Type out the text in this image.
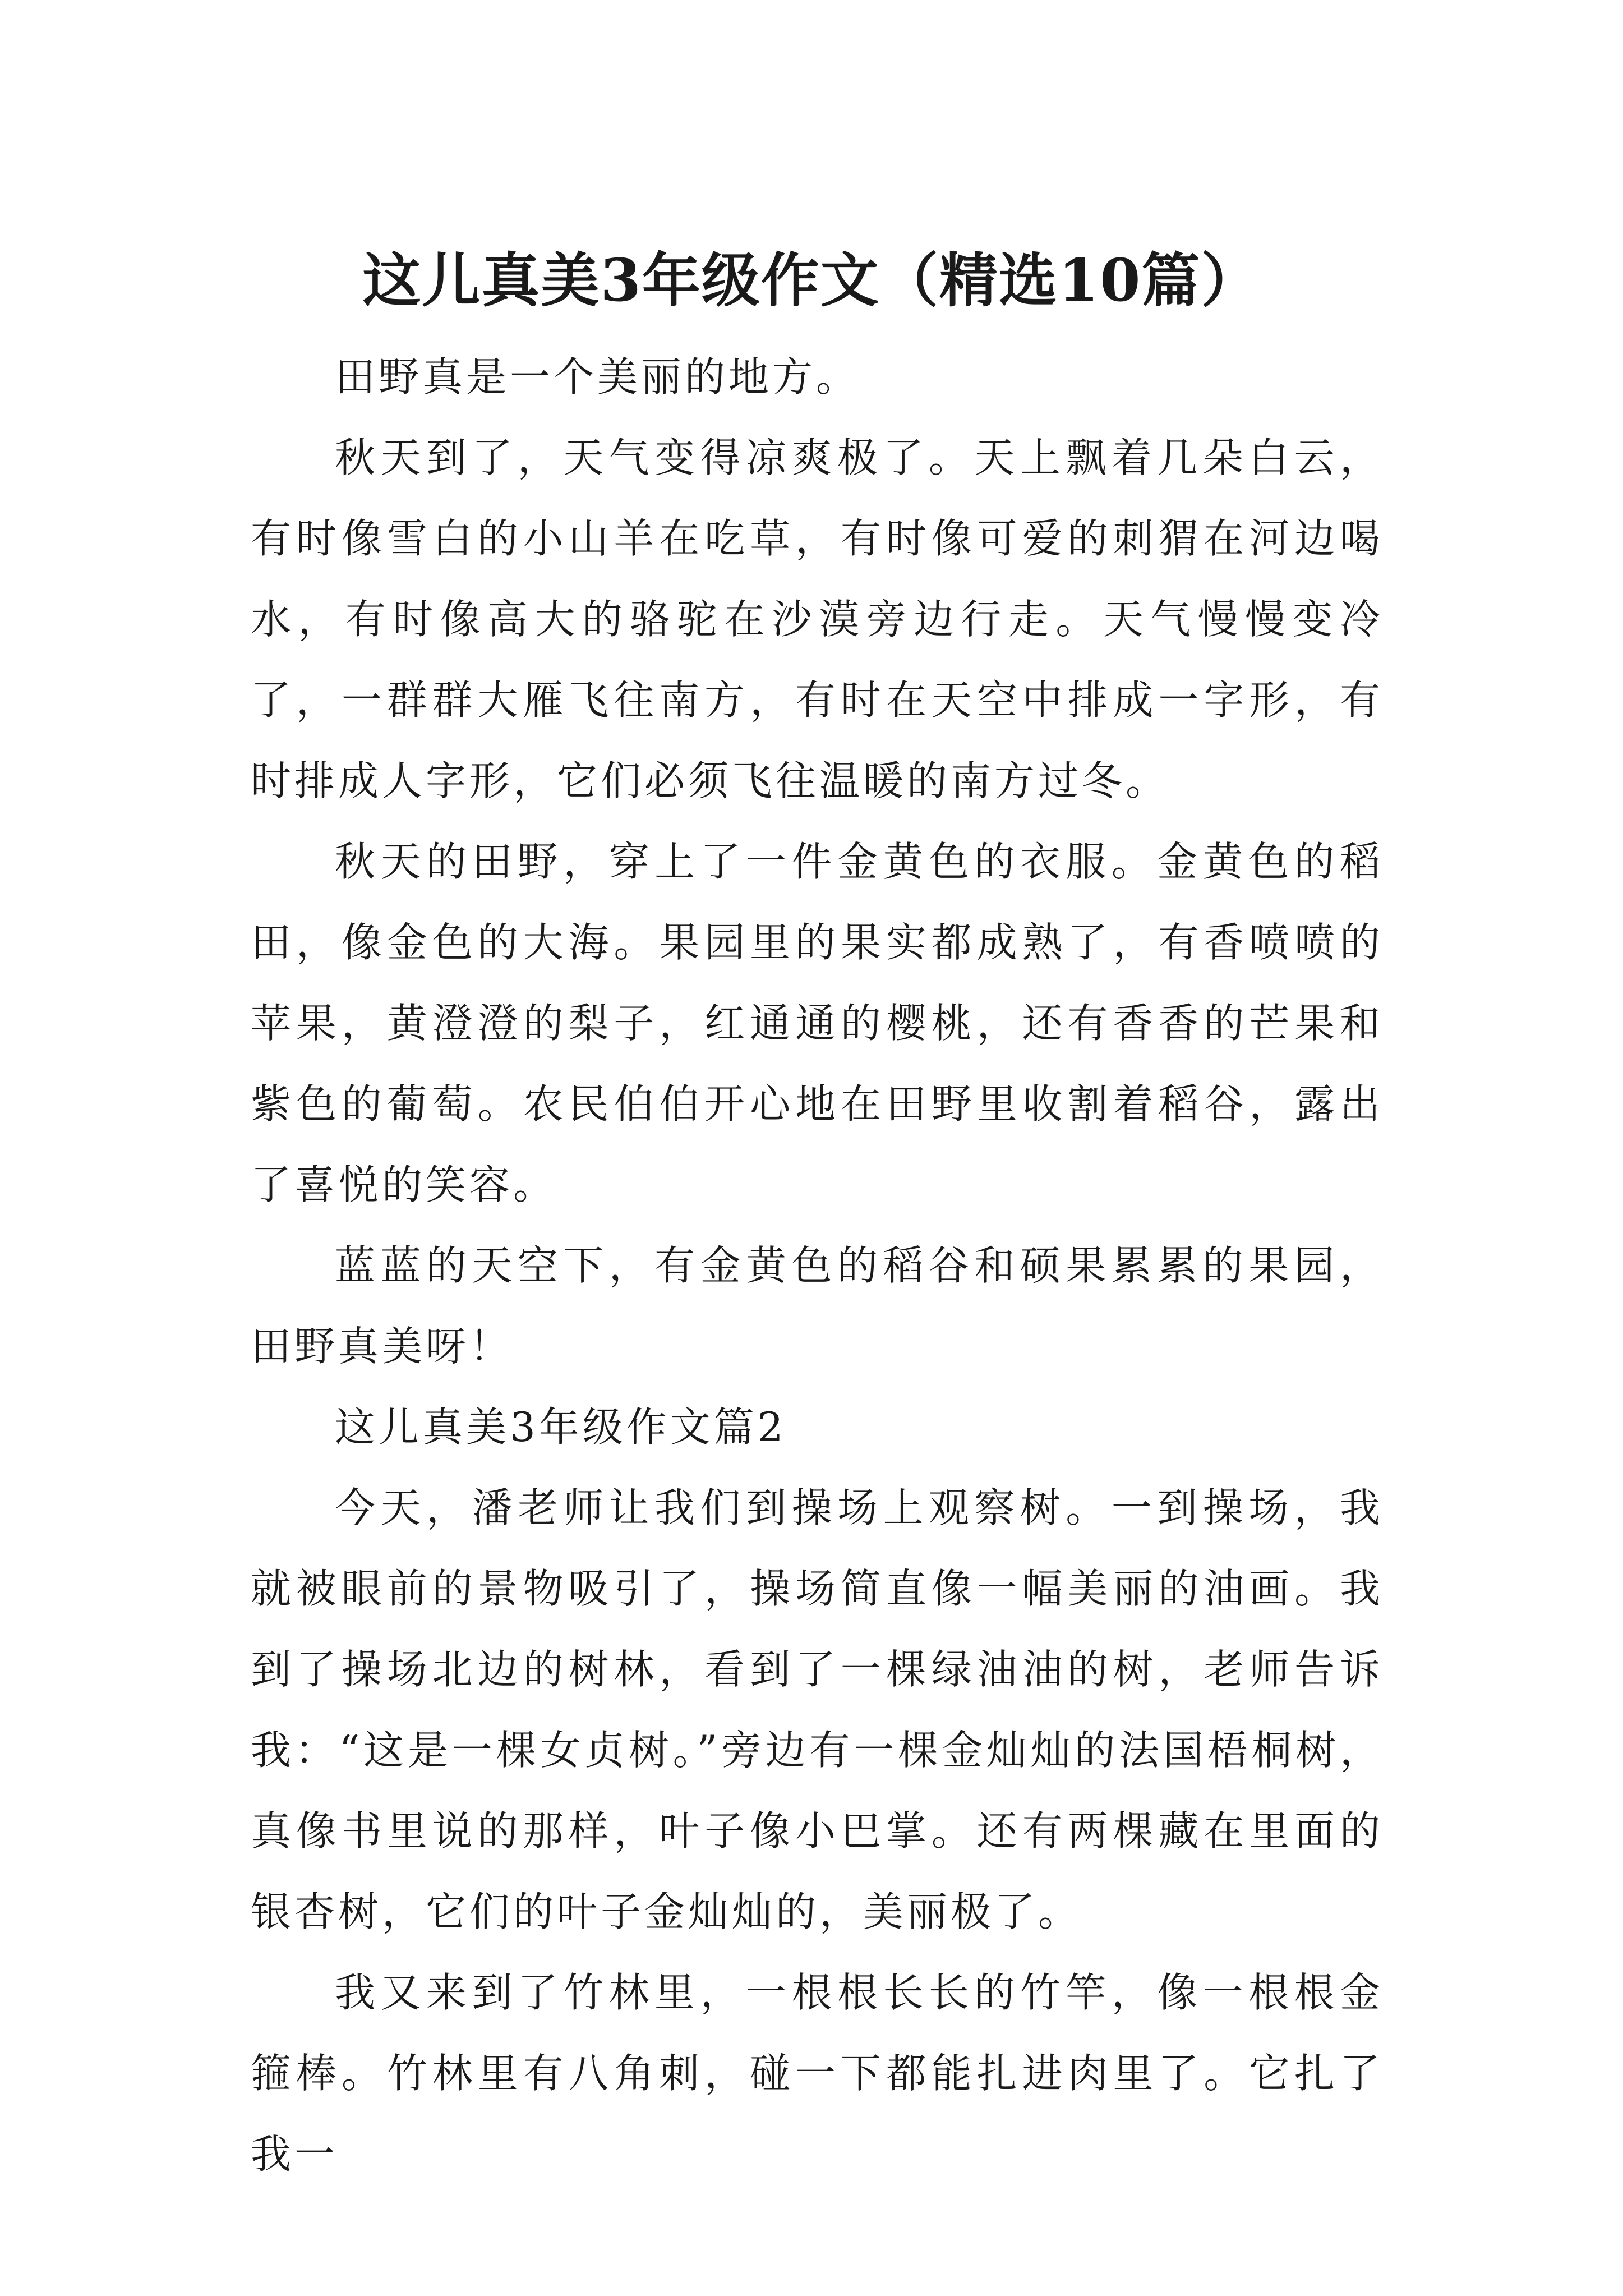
这儿真美3年级作文（精选10篇）

田野真是一个美丽的地方。

秋天到了，天气变得凉爽极了。天上飘着几朵白云，有时像雪白的小山羊在吃草，有时像可爱的刺猬在河边喝水，有时像高大的骆驼在沙漠旁边行走。天气慢慢变冷了，一群群大雁飞往南方，有时在天空中排成一字形，有时排成人字形，它们必须飞往温暖的南方过冬。

秋天的田野，穿上了一件金黄色的衣服。金黄色的稻田，像金色的大海。果园里的果实都成熟了，有香喷喷的苹果，黄澄澄的梨子，红通通的樱桃，还有香香的芒果和紫色的葡萄。农民伯伯开心地在田野里收割着稻谷，露出了喜悦的笑容。

蓝蓝的天空下，有金黄色的稻谷和硕果累累的果园，田野真美呀！

这儿真美3年级作文篇2

今天，潘老师让我们到操场上观察树。一到操场，我就被眼前的景物吸引了，操场简直像一幅美丽的油画。我到了操场北边的树林，看到了一棵绿油油的树，老师告诉我：“这是一棵女贞树。”旁边有一棵金灿灿的法国梧桐树，真像书里说的那样，叶子像小巴掌。还有两棵藏在里面的银杏树，它们的叶子金灿灿的，美丽极了。

我又来到了竹林里，一根根长长的竹竿，像一根根金箍棒。竹林里有八角刺，碰一下都能扎进肉里了。它扎了我一
